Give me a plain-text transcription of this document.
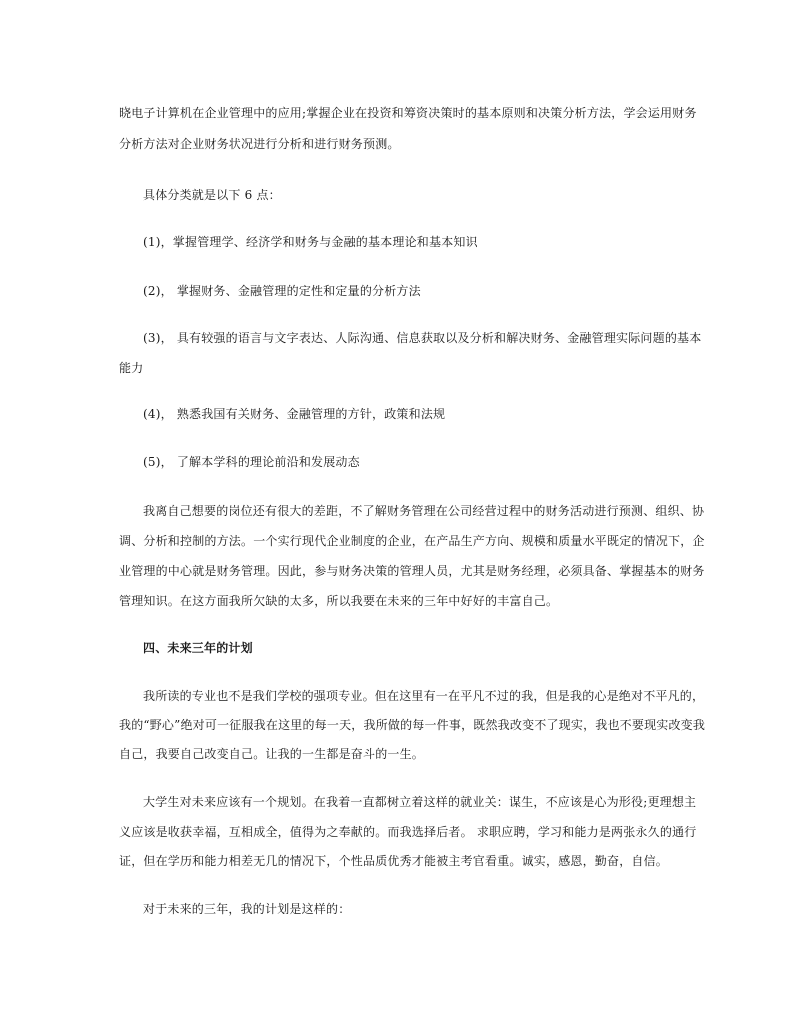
晓电子计算机在企业管理中的应用;掌握企业在投资和筹资决策时的基本原则和决策分析方法，学会运用财务
分析方法对企业财务状况进行分析和进行财务预测。
具体分类就是以下 6 点：
(1)，掌握管理学、经济学和财务与金融的基本理论和基本知识
(2)， 掌握财务、金融管理的定性和定量的分析方法
(3)， 具有较强的语言与文字表达、人际沟通、信息获取以及分析和解决财务、金融管理实际问题的基本
能力
(4)， 熟悉我国有关财务、金融管理的方针，政策和法规
(5)， 了解本学科的理论前沿和发展动态
我离自己想要的岗位还有很大的差距，不了解财务管理在公司经营过程中的财务活动进行预测、组织、协
调、分析和控制的方法。一个实行现代企业制度的企业，在产品生产方向、规模和质量水平既定的情况下，企
业管理的中心就是财务管理。因此，参与财务决策的管理人员，尤其是财务经理，必须具备、掌握基本的财务
管理知识。在这方面我所欠缺的太多，所以我要在未来的三年中好好的丰富自己。
四、未来三年的计划
我所读的专业也不是我们学校的强项专业。但在这里有一在平凡不过的我，但是我的心是绝对不平凡的，
我的“野心”绝对可一征服我在这里的每一天，我所做的每一件事，既然我改变不了现实，我也不要现实改变我
自己，我要自己改变自己。让我的一生都是奋斗的一生。
大学生对未来应该有一个规划。在我着一直都树立着这样的就业关：谋生，不应该是心为形役;更理想主
义应该是收获幸福，互相成全，值得为之奉献的。而我选择后者。 求职应聘，学习和能力是两张永久的通行
证，但在学历和能力相差无几的情况下，个性品质优秀才能被主考官看重。诚实，感恩，勤奋，自信。
对于未来的三年，我的计划是这样的：
